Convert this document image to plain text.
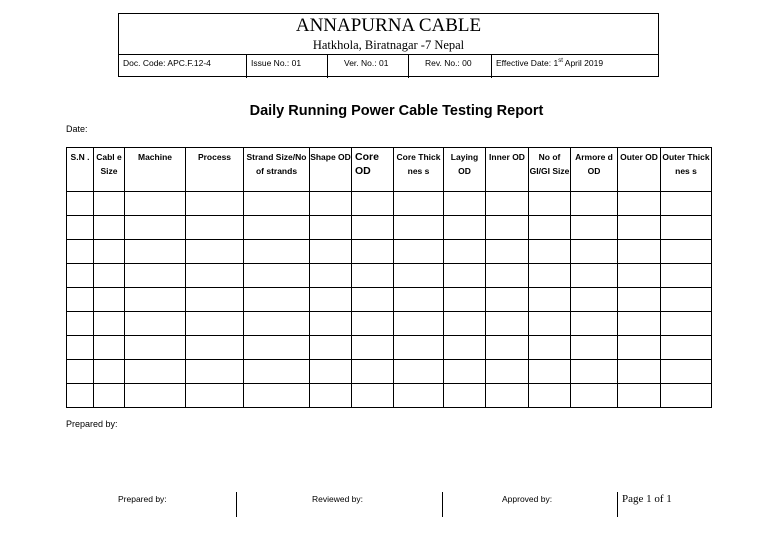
ANNAPURNA CABLE
Hatkhola, Biratnagar -7 Nepal
Doc. Code: APC.F.12-4	Issue No.: 01	Ver. No.: 01	Rev. No.: 00	Effective Date: 1st April 2019
Daily Running Power Cable Testing Report
Date:
S.N .	Cabl e Size	Machine	Process	Strand Size/No of strands	Shape OD	Core OD	Core Thicknes s	Laying OD	Inner OD	No of GI/GI Size	Armore d OD	Outer OD	Outer Thicknes s

Prepared by:
Prepared by:	Reviewed by:	Approved by:	Page 1 of 1
